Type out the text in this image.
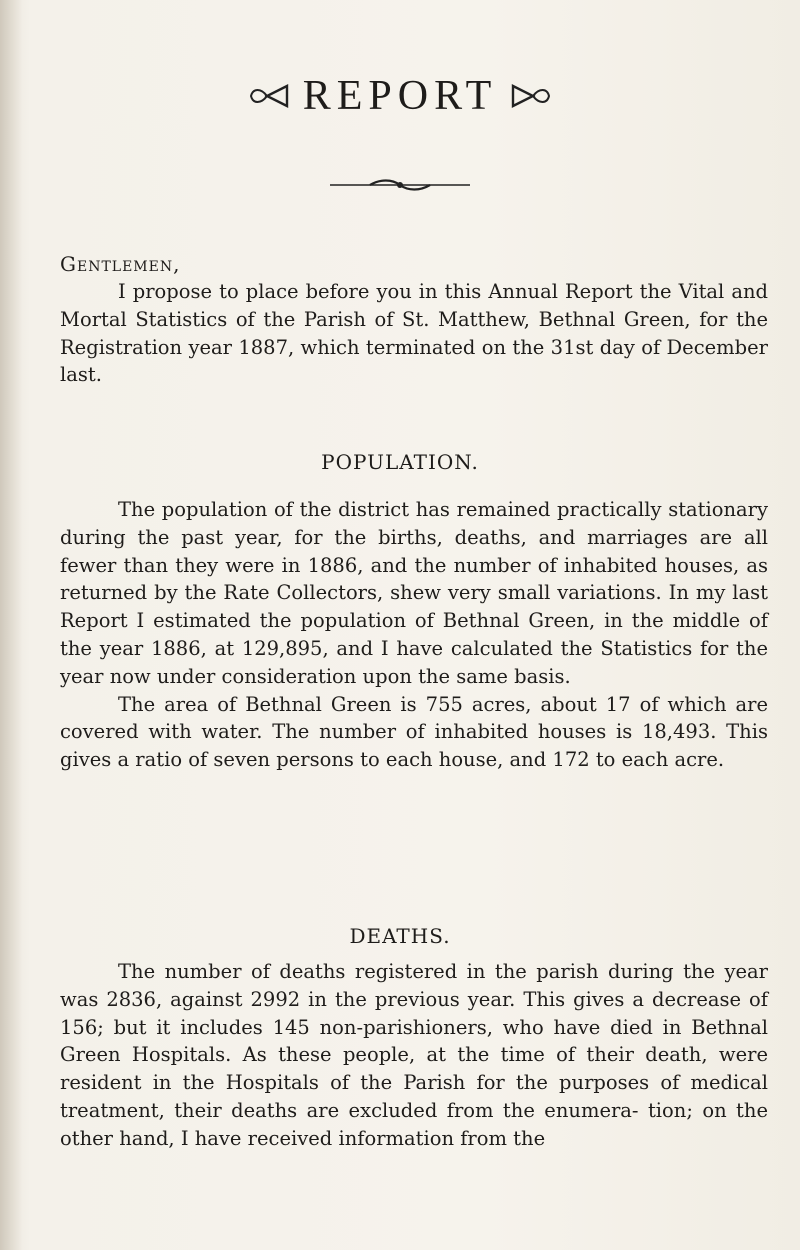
REPORT
Gentlemen,

I propose to place before you in this Annual Report the Vital and Mortal Statistics of the Parish of St. Matthew, Bethnal Green, for the Registration year 1887, which terminated on the 31st day of December last.

POPULATION.

The population of the district has remained practically stationary during the past year, for the births, deaths, and marriages are all fewer than they were in 1886, and the number of inhabited houses, as returned by the Rate Collectors, shew very small variations. In my last Report I estimated the population of Bethnal Green, in the middle of the year 1886, at 129,895, and I have calculated the Statistics for the year now under consideration upon the same basis.

The area of Bethnal Green is 755 acres, about 17 of which are covered with water. The number of inhabited houses is 18,493. This gives a ratio of seven persons to each house, and 172 to each acre.

DEATHS.

The number of deaths registered in the parish during the year was 2836, against 2992 in the previous year. This gives a decrease of 156; but it includes 145 non-parishioners, who have died in Bethnal Green Hospitals. As these people, at the time of their death, were resident in the Hospitals of the Parish for the purposes of medical treatment, their deaths are excluded from the enumera- tion; on the other hand, I have received information from the
